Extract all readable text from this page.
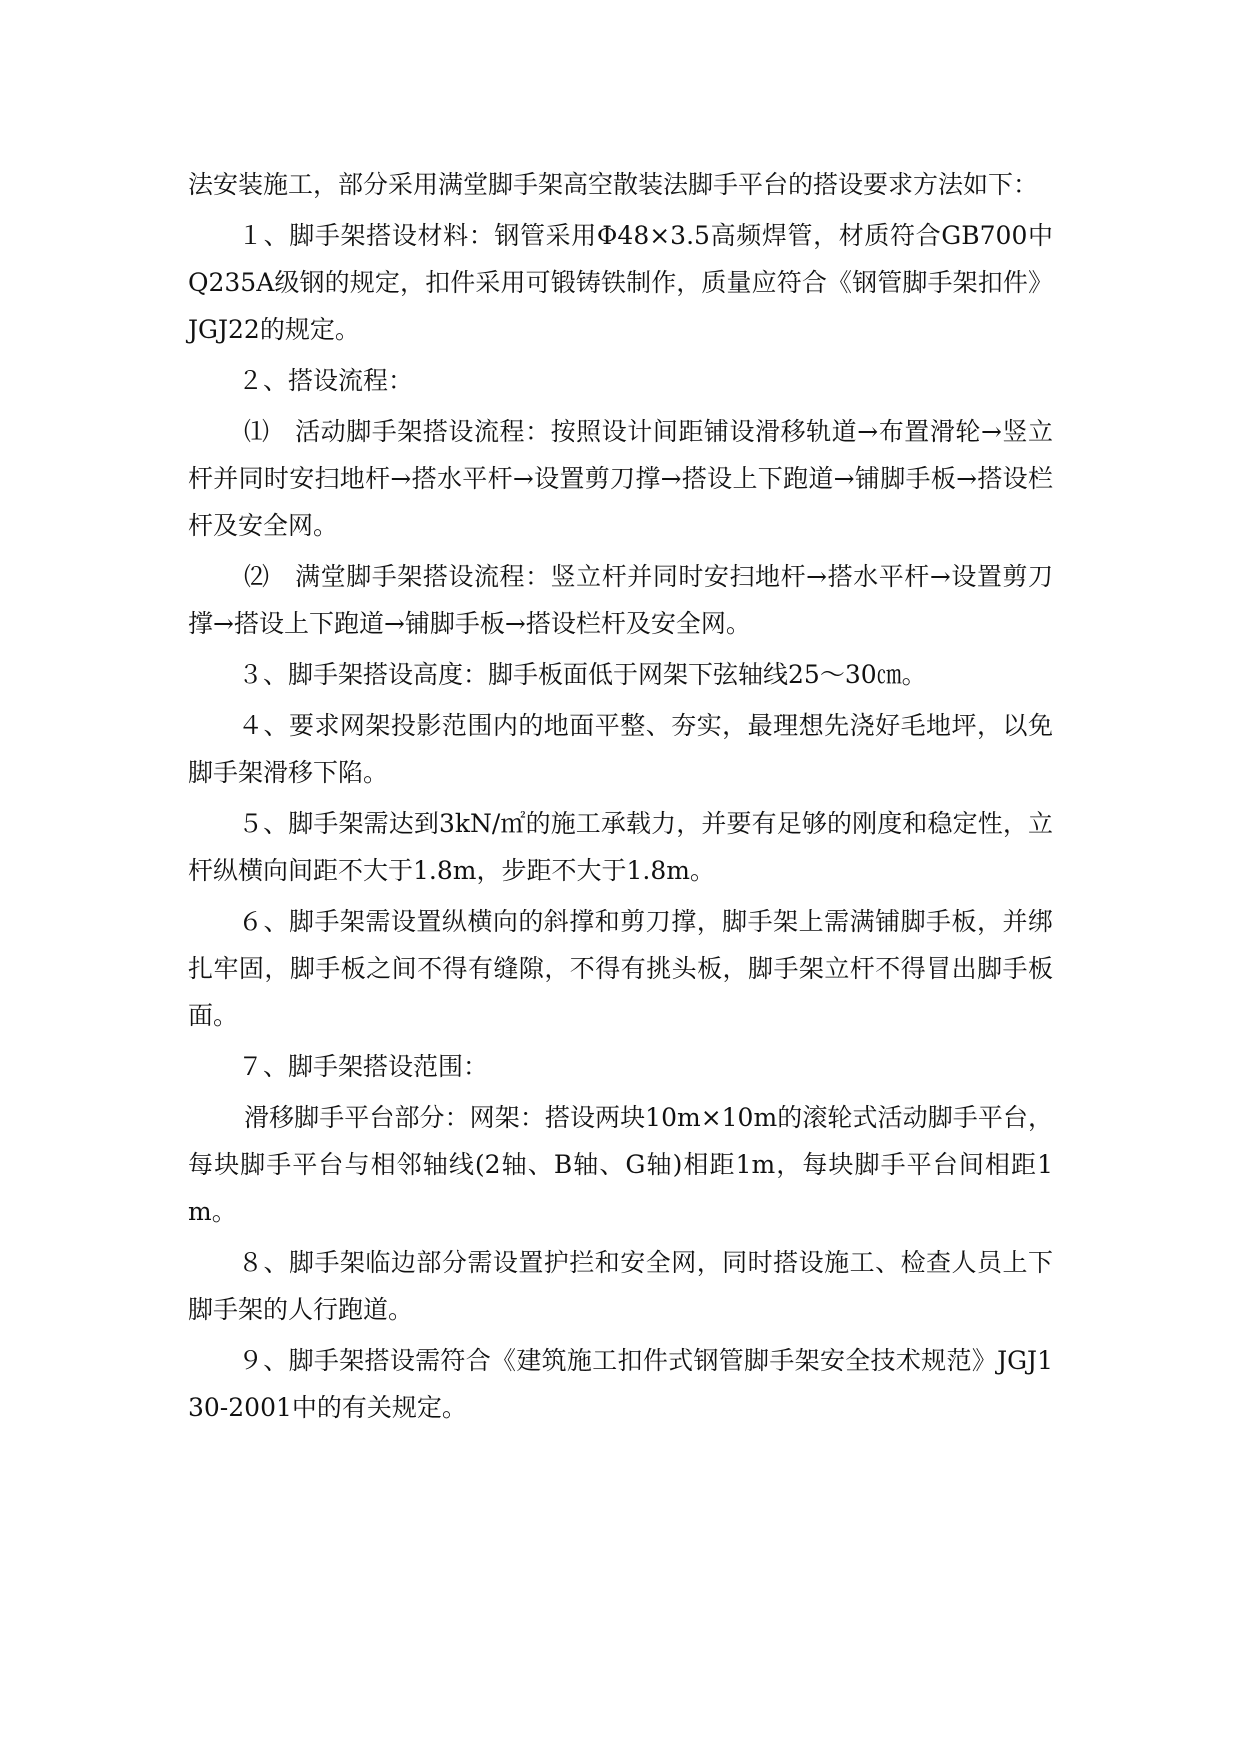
法安装施工，部分采用满堂脚手架高空散装法脚手平台的搭设要求方法如下：

１、脚手架搭设材料：钢管采用Φ48×3.5高频焊管，材质符合GB700中Q235A级钢的规定，扣件采用可锻铸铁制作，质量应符合《钢管脚手架扣件》JGJ22的规定。

２、搭设流程：

⑴　活动脚手架搭设流程：按照设计间距铺设滑移轨道→布置滑轮→竖立杆并同时安扫地杆→搭水平杆→设置剪刀撑→搭设上下跑道→铺脚手板→搭设栏杆及安全网。

⑵　满堂脚手架搭设流程：竖立杆并同时安扫地杆→搭水平杆→设置剪刀撑→搭设上下跑道→铺脚手板→搭设栏杆及安全网。

３、脚手架搭设高度：脚手板面低于网架下弦轴线25～30㎝。

４、要求网架投影范围内的地面平整、夯实，最理想先浇好毛地坪，以免脚手架滑移下陷。

５、脚手架需达到3kN/㎡的施工承载力，并要有足够的刚度和稳定性，立杆纵横向间距不大于1.8m，步距不大于1.8m。

６、脚手架需设置纵横向的斜撑和剪刀撑，脚手架上需满铺脚手板，并绑扎牢固，脚手板之间不得有缝隙，不得有挑头板，脚手架立杆不得冒出脚手板面。

７、脚手架搭设范围：

滑移脚手平台部分：网架：搭设两块10m×10m的滚轮式活动脚手平台，每块脚手平台与相邻轴线(2轴、B轴、G轴)相距1m，每块脚手平台间相距1m。

８、脚手架临边部分需设置护拦和安全网，同时搭设施工、检查人员上下脚手架的人行跑道。

９、脚手架搭设需符合《建筑施工扣件式钢管脚手架安全技术规范》JGJ130-2001中的有关规定。
